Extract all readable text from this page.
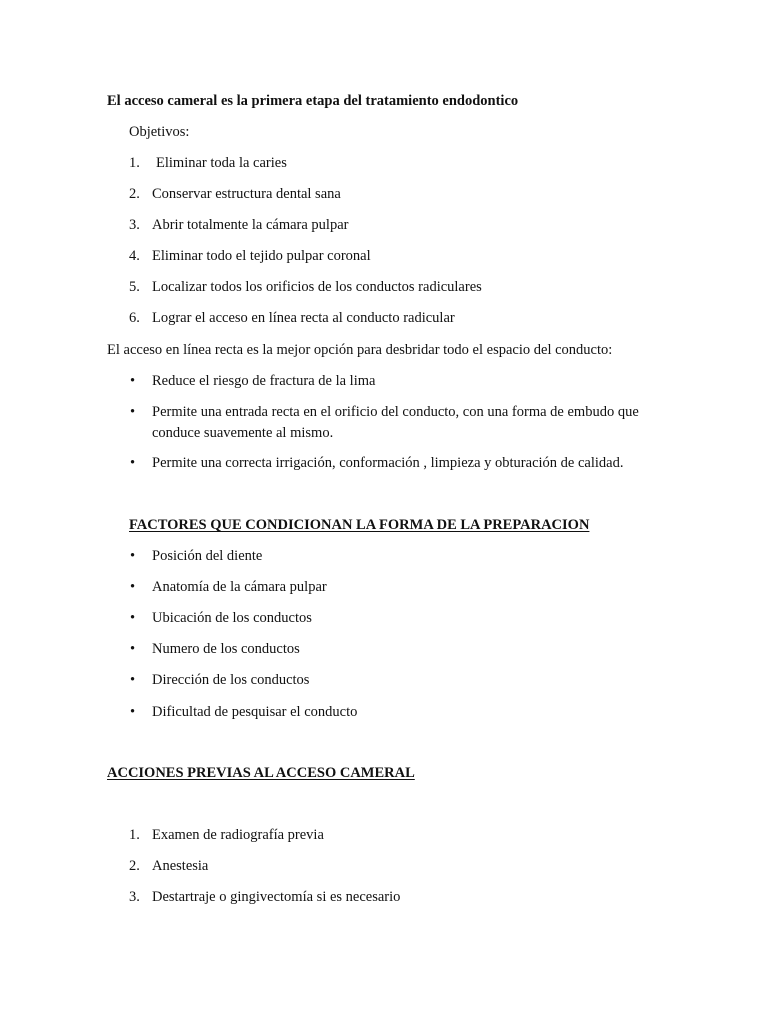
El acceso cameral es la primera etapa del tratamiento endodontico
Objetivos:
1. Eliminar toda la caries
2. Conservar estructura dental sana
3. Abrir totalmente la cámara pulpar
4. Eliminar todo el tejido pulpar coronal
5. Localizar todos los orificios de los conductos radiculares
6. Lograr el acceso en línea recta al conducto radicular
El acceso en línea recta es la mejor opción para desbridar todo el espacio del conducto:
• Reduce el riesgo de fractura de la lima
• Permite una entrada recta en el orificio del conducto, con una forma de embudo que
conduce suavemente al mismo.
• Permite una correcta irrigación, conformación , limpieza y obturación de calidad.
FACTORES QUE CONDICIONAN LA FORMA DE LA PREPARACION
• Posición del diente
• Anatomía de la cámara pulpar
• Ubicación de los conductos
• Numero de los conductos
• Dirección de los conductos
• Dificultad de pesquisar el conducto
ACCIONES PREVIAS AL ACCESO CAMERAL
1. Examen de radiografía previa
2. Anestesia
3. Destartraje o gingivectomía si es necesario
